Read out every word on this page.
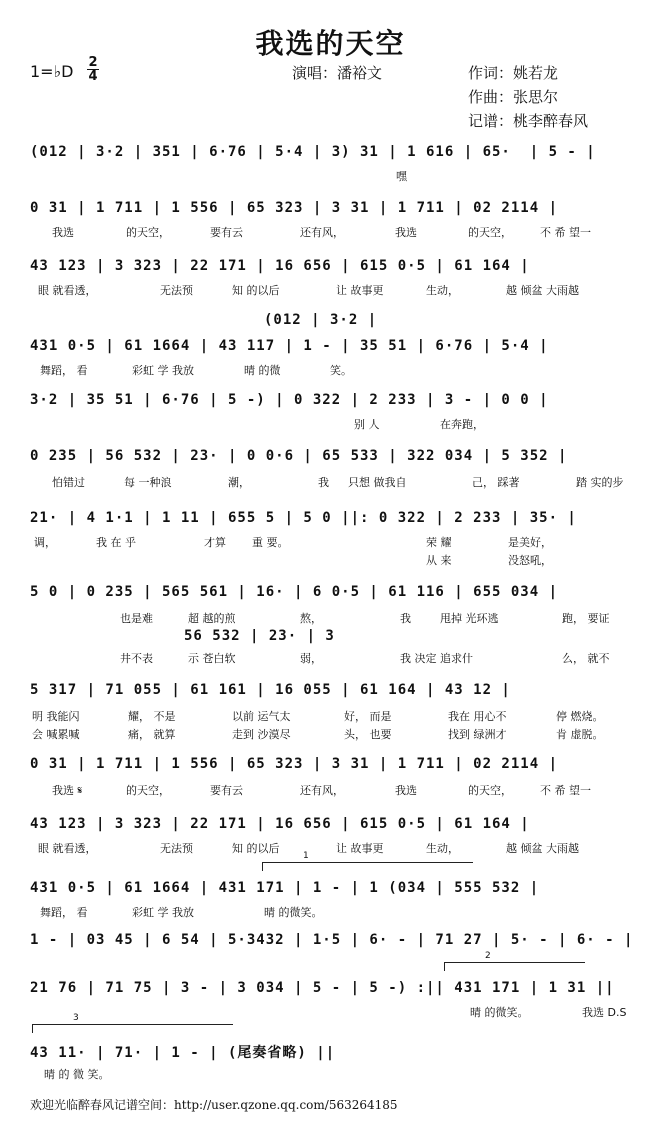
我选的天空
1=♭D 2
4	演唱：潘裕文	作词：姚若龙
作曲：张思尔
记谱：桃李醉春风
(012 | 3·2 | 351 | 6·76 | 5·4 | 3) 31 | 1 616 | 65·  | 5 - |
嘿
0 31 | 1 711 | 1 556 | 65 323 | 3 31 | 1 711 | 02 2114 |
我选	的天空，	要有云	还有风，	我选	的天空，	不 希 望一
43 123 | 3 323 | 22 171 | 16 656 | 615 0·5 | 61 164 |
眼 就看透，	无法预	知 的以后	让 故事更	生动，	越 倾盆 大雨越
(012 | 3·2 |
431 0·5 | 61 1664 | 43 117 | 1 - | 35 51 | 6·76 | 5·4 |
舞蹈， 看	彩虹 学 我放	晴 的微	笑。
3·2 | 35 51 | 6·76 | 5 -) | 0 322 | 2 233 | 3 - | 0 0 |
别 人	在奔跑，
0 235 | 56 532 | 23· | 0 0·6 | 65 533 | 322 034 | 5 352 |
怕错过	每 一种浪	潮，	我 只想 做我自	己， 踩著	踏 实的步
21· | 4 1·1 | 1 11 | 655 5 | 5 0 ||: 0 322 | 2 233 | 35· |
调，	我 在 乎	才算 重 要。	荣 耀	是美好，
从 来	没怒吼，
5 0 | 0 235 | 565 561 | 16· | 6 0·5 | 61 116 | 655 034 |
也是难	超 越的煎	熬，	我	甩掉 光环逃	跑， 要证
56 532 | 23· | 3
井不表	示 苍白软	弱，	我 决定 追求什	么， 就不
5 317 | 71 055 | 61 161 | 16 055 | 61 164 | 43 12 |
明 我能闪	耀， 不是	以前 运气太	好， 而是	我在 用心不	停 燃烧。
会 喊累喊	痛， 就算	走到 沙漠尽	头， 也要	找到 绿洲才	肯 虚脱。
0 31 | 1 711 | 1 556 | 65 323 | 3 31 | 1 711 | 02 2114 |
我选 𝄋	的天空，	要有云	还有风，	我选	的天空，	不 希 望一
43 123 | 3 323 | 22 171 | 16 656 | 615 0·5 | 61 164 |
眼 就看透，	无法预	知 的以后	让 故事更	生动，	越 倾盆 大雨越
1
431 0·5 | 61 1664 | 431 171 | 1 - | 1 (034 | 555 532 |
舞蹈， 看	彩虹 学 我放	晴 的微笑。
1 - | 03 45 | 6 54 | 5·3432 | 1·5 | 6· - | 71 27 | 5· - | 6· - |
2
21 76 | 71 75 | 3 - | 3 034 | 5 - | 5 -) :|| 431 171 | 1 31 ||
晴 的微笑。	我选 D.S
3
43 11· | 71· | 1 - | (尾奏省略) ||
晴 的 微 笑。
欢迎光临醉春风记谱空间：http://user.qzone.qq.com/563264185
